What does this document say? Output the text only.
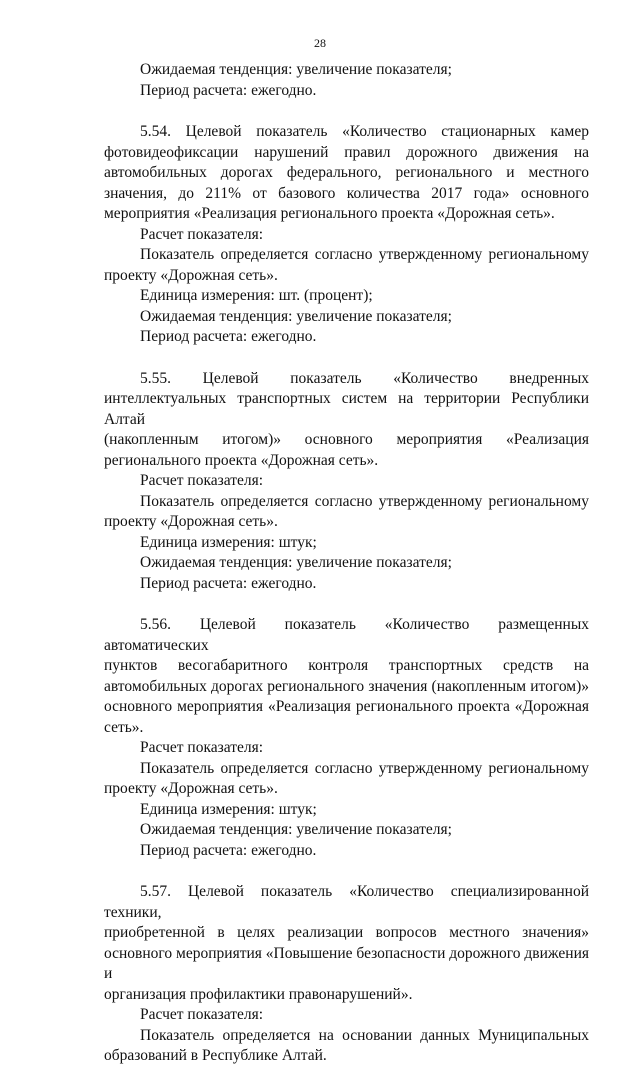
28

Ожидаемая тенденция: увеличение показателя;

Период расчета: ежегодно.

5.54. Целевой показатель «Количество стационарных камер

фотовидеофиксации нарушений правил дорожного движения на

автомобильных дорогах федерального, регионального и местного

значения, до 211% от базового количества 2017 года» основного

мероприятия «Реализация регионального проекта «Дорожная сеть».

Расчет показателя:

Показатель определяется согласно утвержденному региональному

проекту «Дорожная сеть».

Единица измерения: шт. (процент);

Ожидаемая тенденция: увеличение показателя;

Период расчета: ежегодно.

5.55. Целевой показатель «Количество внедренных

интеллектуальных транспортных систем на территории Республики Алтай

(накопленным итогом)» основного мероприятия «Реализация

регионального проекта «Дорожная сеть».

Расчет показателя:

Показатель определяется согласно утвержденному региональному

проекту «Дорожная сеть».

Единица измерения: штук;

Ожидаемая тенденция: увеличение показателя;

Период расчета: ежегодно.

5.56. Целевой показатель «Количество размещенных автоматических

пунктов весогабаритного контроля транспортных средств на

автомобильных дорогах регионального значения (накопленным итогом)»

основного мероприятия «Реализация регионального проекта «Дорожная

сеть».

Расчет показателя:

Показатель определяется согласно утвержденному региональному

проекту «Дорожная сеть».

Единица измерения: штук;

Ожидаемая тенденция: увеличение показателя;

Период расчета: ежегодно.

5.57. Целевой показатель «Количество специализированной техники,

приобретенной в целях реализации вопросов местного значения»

основного мероприятия «Повышение безопасности дорожного движения и

организация профилактики правонарушений».

Расчет показателя:

Показатель определяется на основании данных Муниципальных

образований в Республике Алтай.
